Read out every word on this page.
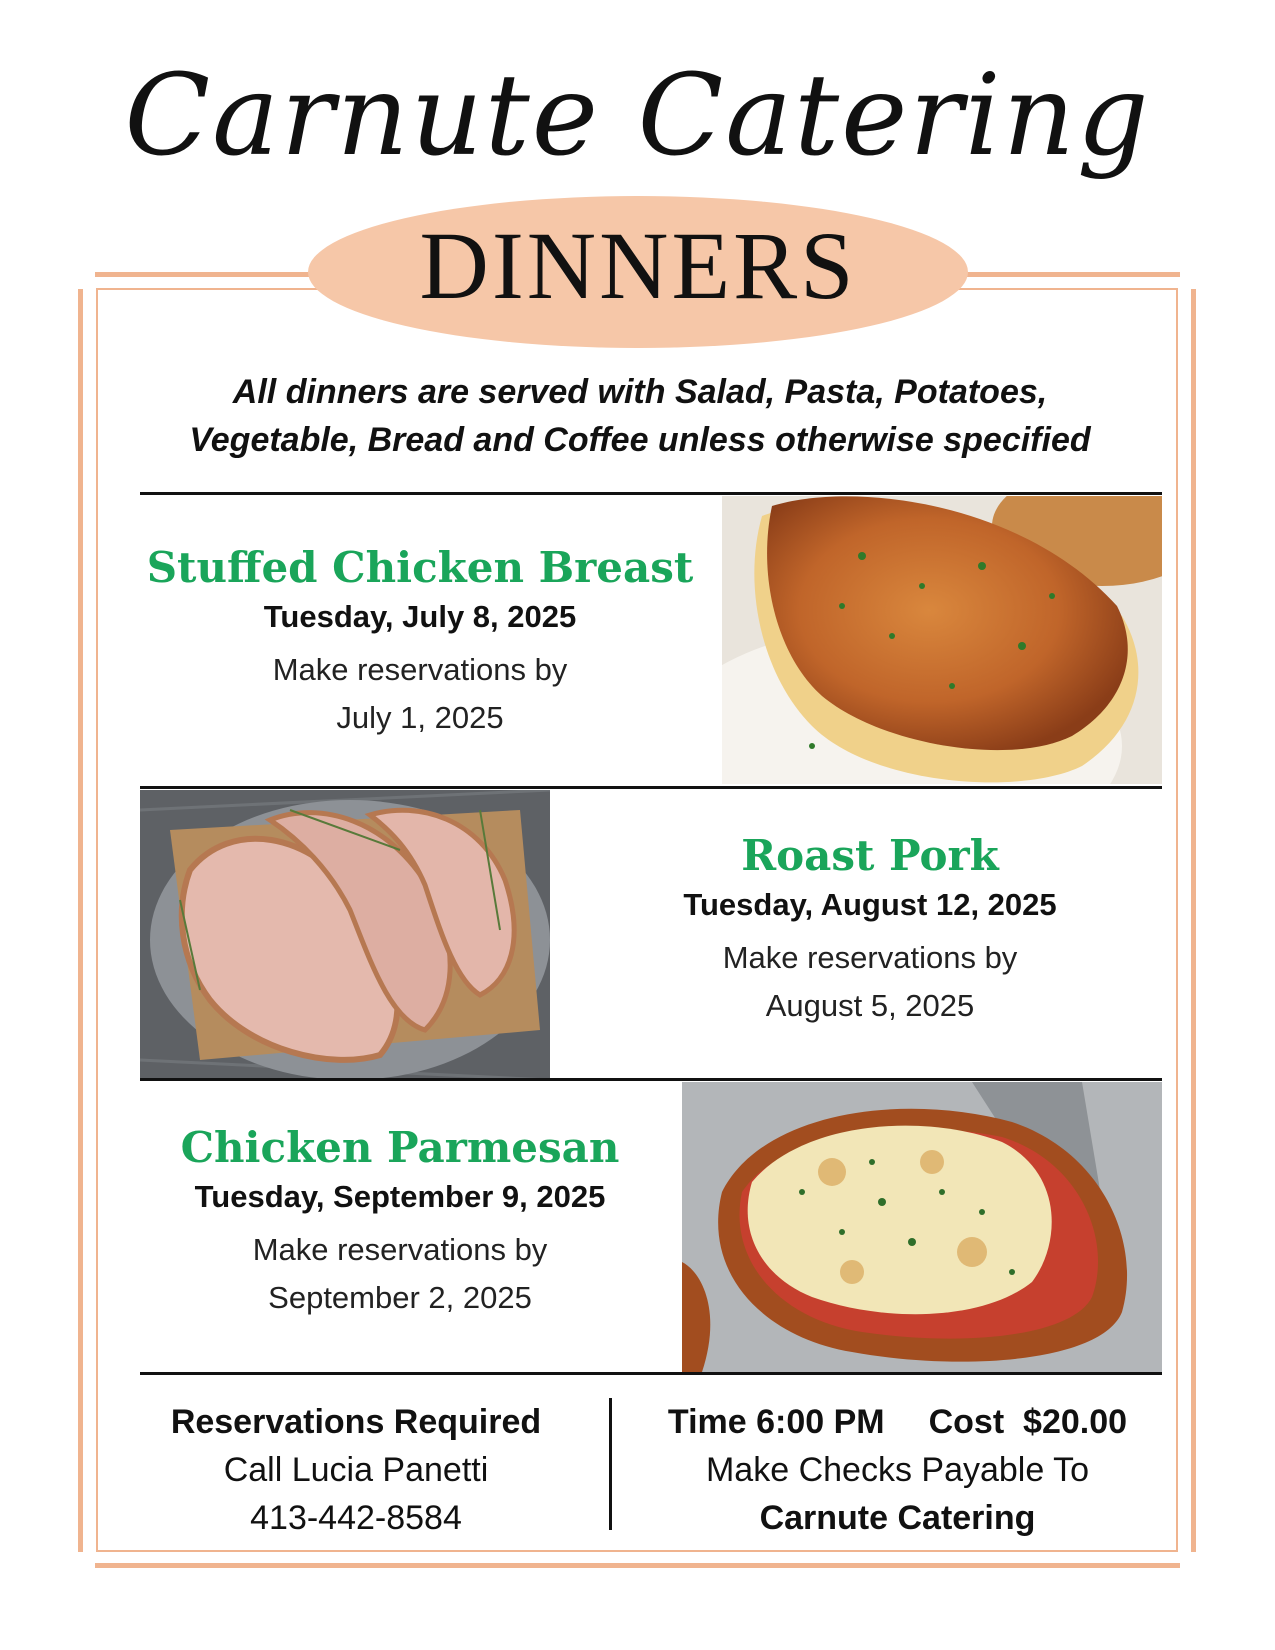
Carnute Catering
DINNERS
All dinners are served with Salad, Pasta, Potatoes,
Vegetable, Bread and Coffee unless otherwise specified
Stuffed Chicken Breast
Tuesday, July 8, 2025
Make reservations by
July 1, 2025
Roast Pork
Tuesday, August 12, 2025
Make reservations by
August 5, 2025
Chicken Parmesan
Tuesday, September 9, 2025
Make reservations by
September 2, 2025
Reservations Required
Call Lucia Panetti
413-442-8584
Time 6:00 PM Cost  $20.00
Make Checks Payable To
Carnute Catering
